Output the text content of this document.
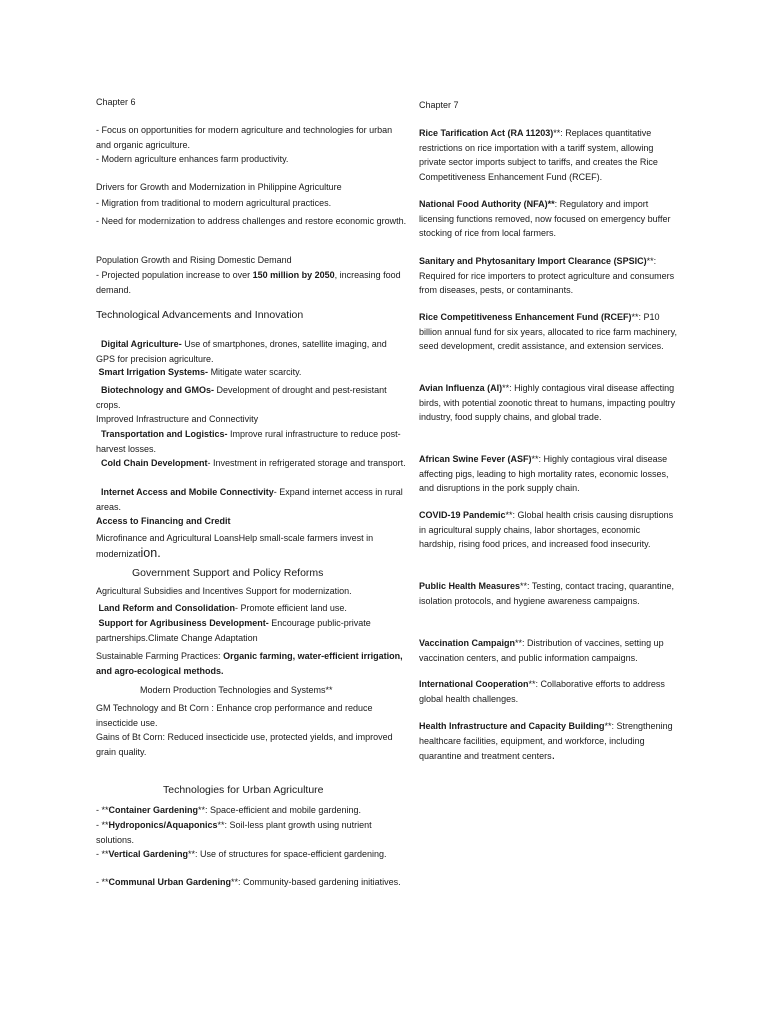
Chapter 6

- Focus on opportunities for modern agriculture and technologies for urban and organic agriculture.

- Modern agriculture enhances farm productivity.

Drivers for Growth and Modernization in Philippine Agriculture

- Migration from traditional to modern agricultural practices.

- Need for modernization to address challenges and restore economic growth.

Population Growth and Rising Domestic Demand

- Projected population increase to over 150 million by 2050, increasing food demand.

Technological Advancements and Innovation

Digital Agriculture- Use of smartphones, drones, satellite imaging, and GPS for precision agriculture.

Smart Irrigation Systems- Mitigate water scarcity.

Biotechnology and GMOs- Development of drought and pest-resistant crops.

Improved Infrastructure and Connectivity

Transportation and Logistics- Improve rural infrastructure to reduce post-harvest losses.

Cold Chain Development- Investment in refrigerated storage and transport.

Internet Access and Mobile Connectivity- Expand internet access in rural areas.

Access to Financing and Credit

Microfinance and Agricultural LoansHelp small-scale farmers invest in modernization.

Government Support and Policy Reforms

Agricultural Subsidies and Incentives Support for modernization.

Land Reform and Consolidation- Promote efficient land use.

Support for Agribusiness Development- Encourage public-private partnerships.Climate Change Adaptation

Sustainable Farming Practices: Organic farming, water-efficient irrigation, and agro-ecological methods.

Modern Production Technologies and Systems**

GM Technology and Bt Corn : Enhance crop performance and reduce insecticide use.

Gains of Bt Corn: Reduced insecticide use, protected yields, and improved grain quality.

Technologies for Urban Agriculture

- **Container Gardening**: Space-efficient and mobile gardening.

- **Hydroponics/Aquaponics**: Soil-less plant growth using nutrient solutions.

- **Vertical Gardening**: Use of structures for space-efficient gardening.

- **Communal Urban Gardening**: Community-based gardening initiatives.

Chapter 7

Rice Tarification Act (RA 11203)**: Replaces quantitative restrictions on rice importation with a tariff system, allowing private sector imports subject to tariffs, and creates the Rice Competitiveness Enhancement Fund (RCEF).

National Food Authority (NFA)**: Regulatory and import licensing functions removed, now focused on emergency buffer stocking of rice from local farmers.

Sanitary and Phytosanitary Import Clearance (SPSIC)**: Required for rice importers to protect agriculture and consumers from diseases, pests, or contaminants.

Rice Competitiveness Enhancement Fund (RCEF)**: P10 billion annual fund for six years, allocated to rice farm machinery, seed development, credit assistance, and extension services.

Avian Influenza (AI)**: Highly contagious viral disease affecting birds, with potential zoonotic threat to humans, impacting poultry industry, food supply chains, and global trade.

African Swine Fever (ASF)**: Highly contagious viral disease affecting pigs, leading to high mortality rates, economic losses, and disruptions in the pork supply chain.

COVID-19 Pandemic**: Global health crisis causing disruptions in agricultural supply chains, labor shortages, economic hardship, rising food prices, and increased food insecurity.

Public Health Measures**: Testing, contact tracing, quarantine, isolation protocols, and hygiene awareness campaigns.

Vaccination Campaign**: Distribution of vaccines, setting up vaccination centers, and public information campaigns.

International Cooperation**: Collaborative efforts to address global health challenges.

Health Infrastructure and Capacity Building**: Strengthening healthcare facilities, equipment, and workforce, including quarantine and treatment centers.
